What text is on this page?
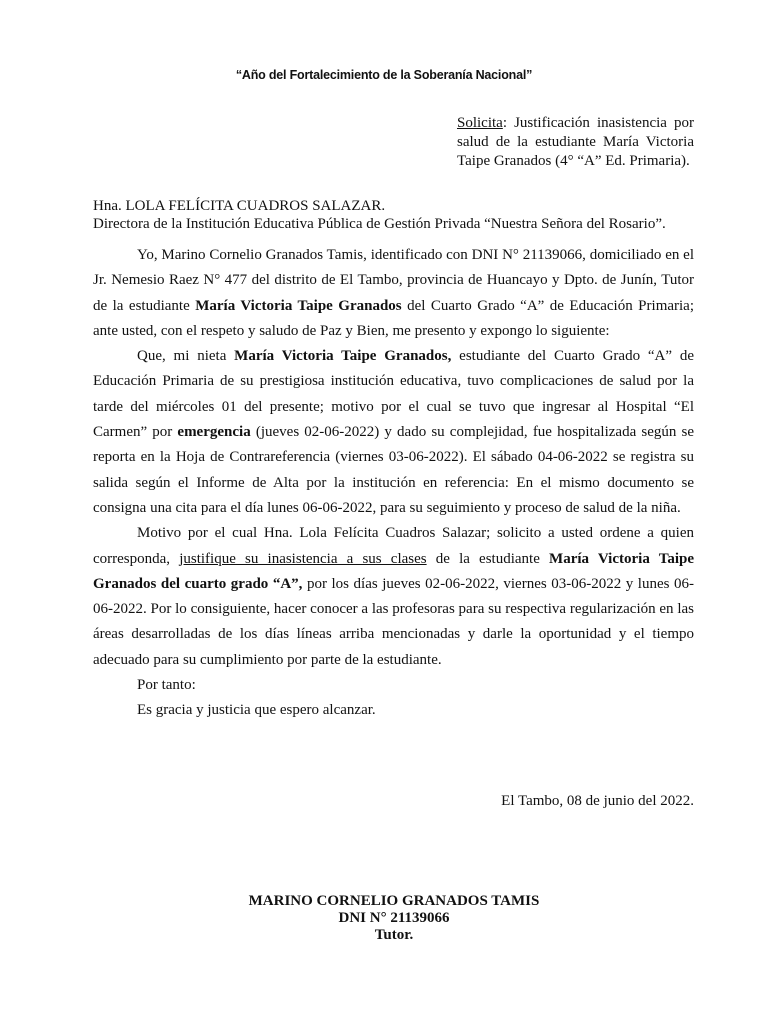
“Año del Fortalecimiento de la Soberanía Nacional”
Solicita: Justificación inasistencia por salud de la estudiante María Victoria Taipe Granados (4° “A” Ed. Primaria).
Hna. LOLA FELÍCITA CUADROS SALAZAR.
Directora de la Institución Educativa Pública de Gestión Privada “Nuestra Señora del Rosario”.

Yo, Marino Cornelio Granados Tamis, identificado con DNI N° 21139066, domiciliado en el Jr. Nemesio Raez N° 477 del distrito de El Tambo, provincia de Huancayo y Dpto. de Junín, Tutor de la estudiante María Victoria Taipe Granados del Cuarto Grado “A” de Educación Primaria; ante usted, con el respeto y saludo de Paz y Bien, me presento y expongo lo siguiente:

Que, mi nieta María Victoria Taipe Granados, estudiante del Cuarto Grado “A” de Educación Primaria de su prestigiosa institución educativa, tuvo complicaciones de salud por la tarde del miércoles 01 del presente; motivo por el cual se tuvo que ingresar al Hospital “El Carmen” por emergencia (jueves 02-06-2022) y dado su complejidad, fue hospitalizada según se reporta en la Hoja de Contrareferencia (viernes 03-06-2022). El sábado 04-06-2022 se registra su salida según el Informe de Alta por la institución en referencia: En el mismo documento se consigna una cita para el día lunes 06-06-2022, para su seguimiento y proceso de salud de la niña.

Motivo por el cual Hna. Lola Felícita Cuadros Salazar; solicito a usted ordene a quien corresponda, justifique su inasistencia a sus clases de la estudiante María Victoria Taipe Granados del cuarto grado “A”, por los días jueves 02-06-2022, viernes 03-06-2022 y lunes 06-06-2022. Por lo consiguiente, hacer conocer a las profesoras para su respectiva regularización en las áreas desarrolladas de los días líneas arriba mencionadas y darle la oportunidad y el tiempo adecuado para su cumplimiento por parte de la estudiante.

Por tanto:

Es gracia y justicia que espero alcanzar.

El Tambo, 08 de junio del 2022.
MARINO CORNELIO GRANADOS TAMIS
DNI N° 21139066
Tutor.
